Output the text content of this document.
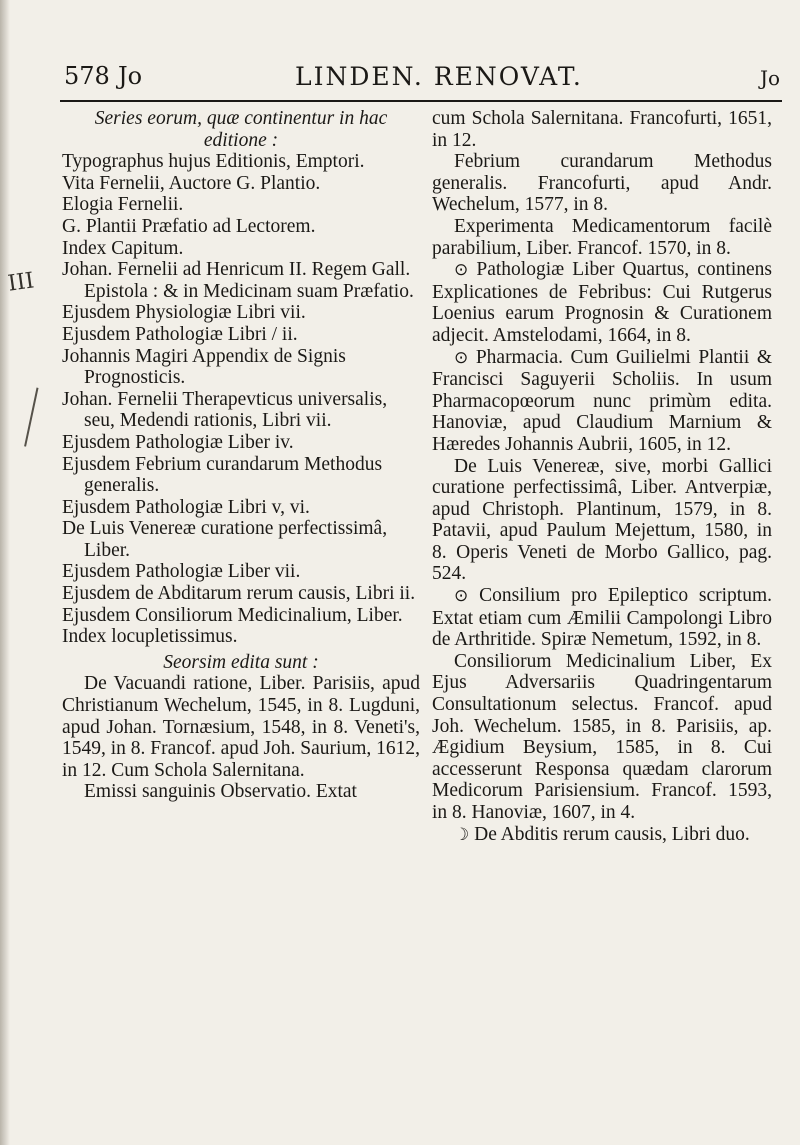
578 Jo	LINDEN. RENOVAT.	Jo
III

Series eorum, quæ continentur in hac

editione :

Typographus hujus Editionis, Emptori.

Vita Fernelii, Auctore G. Plantio.

Elogia Fernelii.

G. Plantii Præfatio ad Lectorem.

Index Capitum.

Johan. Fernelii ad Henricum II. Regem Gall. Epistola : & in Medicinam suam Præfatio.

Ejusdem Physiologiæ Libri vii.

Ejusdem Pathologiæ Libri / ii.

Johannis Magiri Appendix de Signis Prognosticis.

Johan. Fernelii Therapevticus universalis, seu, Medendi rationis, Libri vii.

Ejusdem Pathologiæ Liber iv.

Ejusdem Febrium curandarum Methodus generalis.

Ejusdem Pathologiæ Libri v, vi.

De Luis Venereæ curatione perfectissimâ, Liber.

Ejusdem Pathologiæ Liber vii.

Ejusdem de Abditarum rerum causis, Libri ii.

Ejusdem Consiliorum Medicinalium, Liber.

Index locupletissimus.

Seorsim edita sunt :

De Vacuandi ratione, Liber. Parisiis, apud Christianum Wechelum, 1545, in 8. Lugduni, apud Johan. Tornæsium, 1548, in 8. Veneti's, 1549, in 8. Francof. apud Joh. Saurium, 1612, in 12. Cum Schola Salernitana.

Emissi sanguinis Observatio. Extat

cum Schola Salernitana. Francofurti, 1651, in 12.

Febrium curandarum Methodus generalis. Francofurti, apud Andr. Wechelum, 1577, in 8.

Experimenta Medicamentorum facilè parabilium, Liber. Francof. 1570, in 8.

⊙ Pathologiæ Liber Quartus, continens Explicationes de Febribus: Cui Rutgerus Loenius earum Prognosin & Curationem adjecit. Amstelodami, 1664, in 8.

⊙ Pharmacia. Cum Guilielmi Plantii & Francisci Saguyerii Scholiis. In usum Pharmacopœorum nunc primùm edita. Hanoviæ, apud Claudium Marnium & Hæredes Johannis Aubrii, 1605, in 12.

De Luis Venereæ, sive, morbi Gallici curatione perfectissimâ, Liber. Antverpiæ, apud Christoph. Plantinum, 1579, in 8. Patavii, apud Paulum Mejettum, 1580, in 8. Operis Veneti de Morbo Gallico, pag. 524.

⊙ Consilium pro Epileptico scriptum. Extat etiam cum Æmilii Campolongi Libro de Arthritide. Spiræ Nemetum, 1592, in 8.

Consiliorum Medicinalium Liber, Ex Ejus Adversariis Quadringentarum Consultationum selectus. Francof. apud Joh. Wechelum. 1585, in 8. Parisiis, ap. Ægidium Beysium, 1585, in 8. Cui accesserunt Responsa quædam clarorum Medicorum Parisiensium. Francof. 1593, in 8. Hanoviæ, 1607, in 4.

☽ De Abditis rerum causis, Libri duo.
